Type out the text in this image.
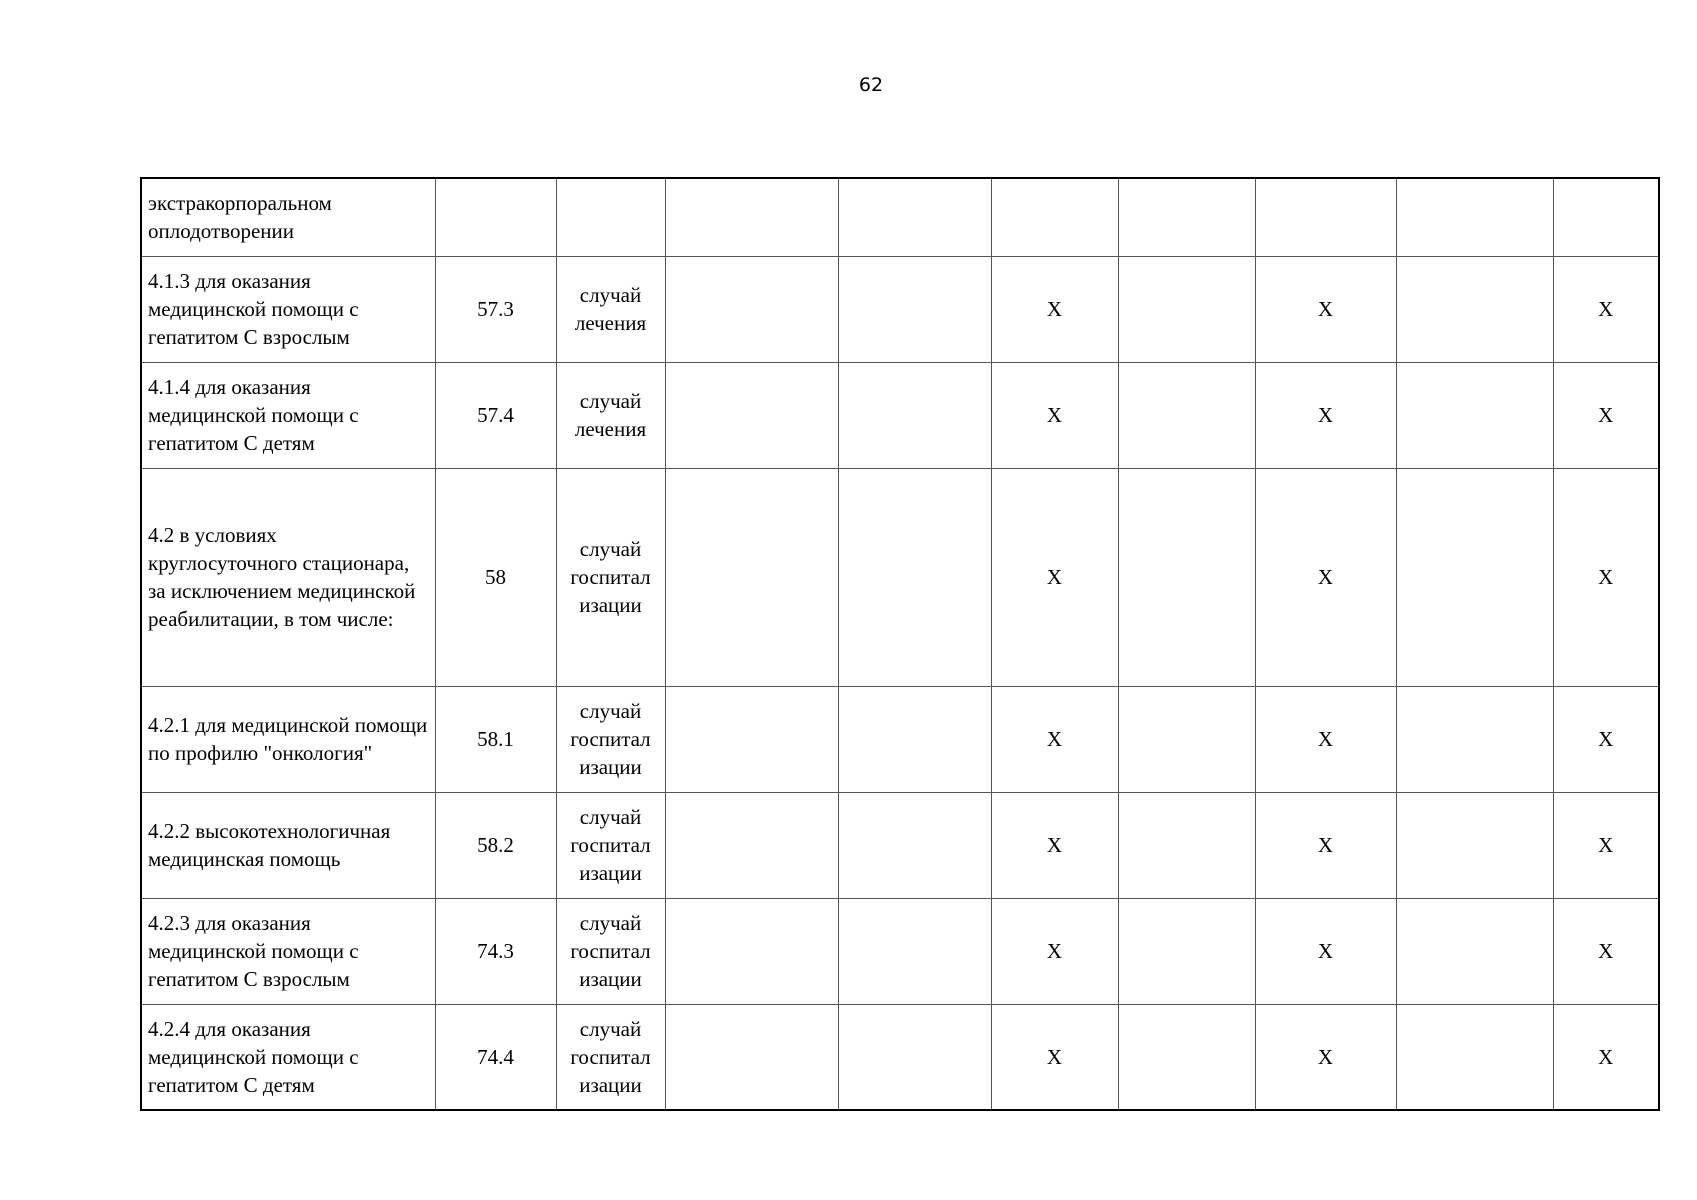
62
экстракорпоральном оплодотворении									
4.1.3 для оказания медицинской помощи с гепатитом С взрослым	57.3	случай лечения			Х		Х		Х
4.1.4 для оказания медицинской помощи с гепатитом С детям	57.4	случай лечения			Х		Х		Х
4.2 в условиях круглосуточного стационара, за исключением медицинской реабилитации, в том числе:	58	случай госпитал изации			Х		Х		Х
4.2.1 для медицинской помощи по профилю "онкология"	58.1	случай госпитал изации			Х		Х		Х
4.2.2 высокотехнологичная медицинская помощь	58.2	случай госпитал изации			Х		Х		Х
4.2.3 для оказания медицинской помощи с гепатитом С взрослым	74.3	случай госпитал изации			Х		Х		Х
4.2.4 для оказания медицинской помощи с гепатитом С детям	74.4	случай госпитал изации			Х		Х		Х
